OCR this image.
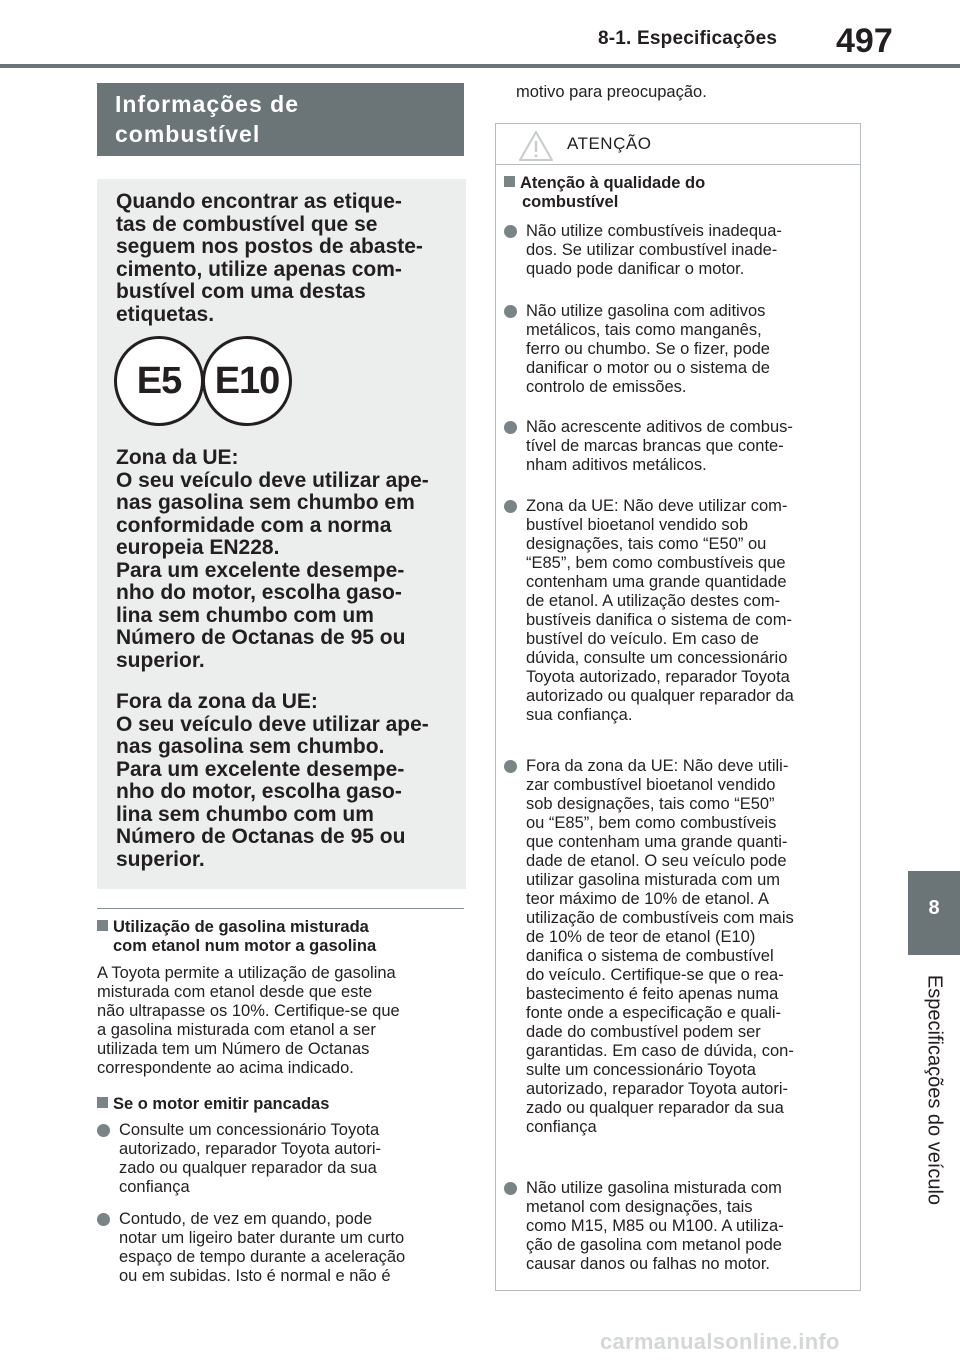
8-1. Especificações 497
8
Especificações do veículo
Informações de
combustível
Quando encontrar as etique-
tas de combustível que se
seguem nos postos de abaste-
cimento, utilize apenas com-
bustível com uma destas
etiquetas.
Zona da UE:
O seu veículo deve utilizar ape-
nas gasolina sem chumbo em
conformidade com a norma
europeia EN228.
Para um excelente desempe-
nho do motor, escolha gaso-
lina sem chumbo com um
Número de Octanas de 95 ou
superior.
Fora da zona da UE:
O seu veículo deve utilizar ape-
nas gasolina sem chumbo.
Para um excelente desempe-
nho do motor, escolha gaso-
lina sem chumbo com um
Número de Octanas de 95 ou
superior.
E5 E10
Utilização de gasolina misturada
com etanol num motor a gasolina
A Toyota permite a utilização de gasolina
misturada com etanol desde que este
não ultrapasse os 10%. Certifique-se que
a gasolina misturada com etanol a ser
utilizada tem um Número de Octanas
correspondente ao acima indicado.
Se o motor emitir pancadas
Consulte um concessionário Toyota
autorizado, reparador Toyota autori-
zado ou qualquer reparador da sua
confiança
Contudo, de vez em quando, pode
notar um ligeiro bater durante um curto
espaço de tempo durante a aceleração
ou em subidas. Isto é normal e não é
motivo para preocupação.
ATENÇÃO
Atenção à qualidade do
combustível
Não utilize combustíveis inadequa-
dos. Se utilizar combustível inade-
quado pode danificar o motor.
Não utilize gasolina com aditivos
metálicos, tais como manganês,
ferro ou chumbo. Se o fizer, pode
danificar o motor ou o sistema de
controlo de emissões.
Não acrescente aditivos de combus-
tível de marcas brancas que conte-
nham aditivos metálicos.
Zona da UE: Não deve utilizar com-
bustível bioetanol vendido sob
designações, tais como “E50” ou
“E85”, bem como combustíveis que
contenham uma grande quantidade
de etanol. A utilização destes com-
bustíveis danifica o sistema de com-
bustível do veículo. Em caso de
dúvida, consulte um concessionário
Toyota autorizado, reparador Toyota
autorizado ou qualquer reparador da
sua confiança.
Fora da zona da UE: Não deve utili-
zar combustível bioetanol vendido
sob designações, tais como “E50”
ou “E85”, bem como combustíveis
que contenham uma grande quanti-
dade de etanol. O seu veículo pode
utilizar gasolina misturada com um
teor máximo de 10% de etanol. A
utilização de combustíveis com mais
de 10% de teor de etanol (E10)
danifica o sistema de combustível
do veículo. Certifique-se que o rea-
bastecimento é feito apenas numa
fonte onde a especificação e quali-
dade do combustível podem ser
garantidas. Em caso de dúvida, con-
sulte um concessionário Toyota
autorizado, reparador Toyota autori-
zado ou qualquer reparador da sua
confiança
Não utilize gasolina misturada com
metanol com designações, tais
como M15, M85 ou M100. A utiliza-
ção de gasolina com metanol pode
causar danos ou falhas no motor.
carmanualsonline.info
